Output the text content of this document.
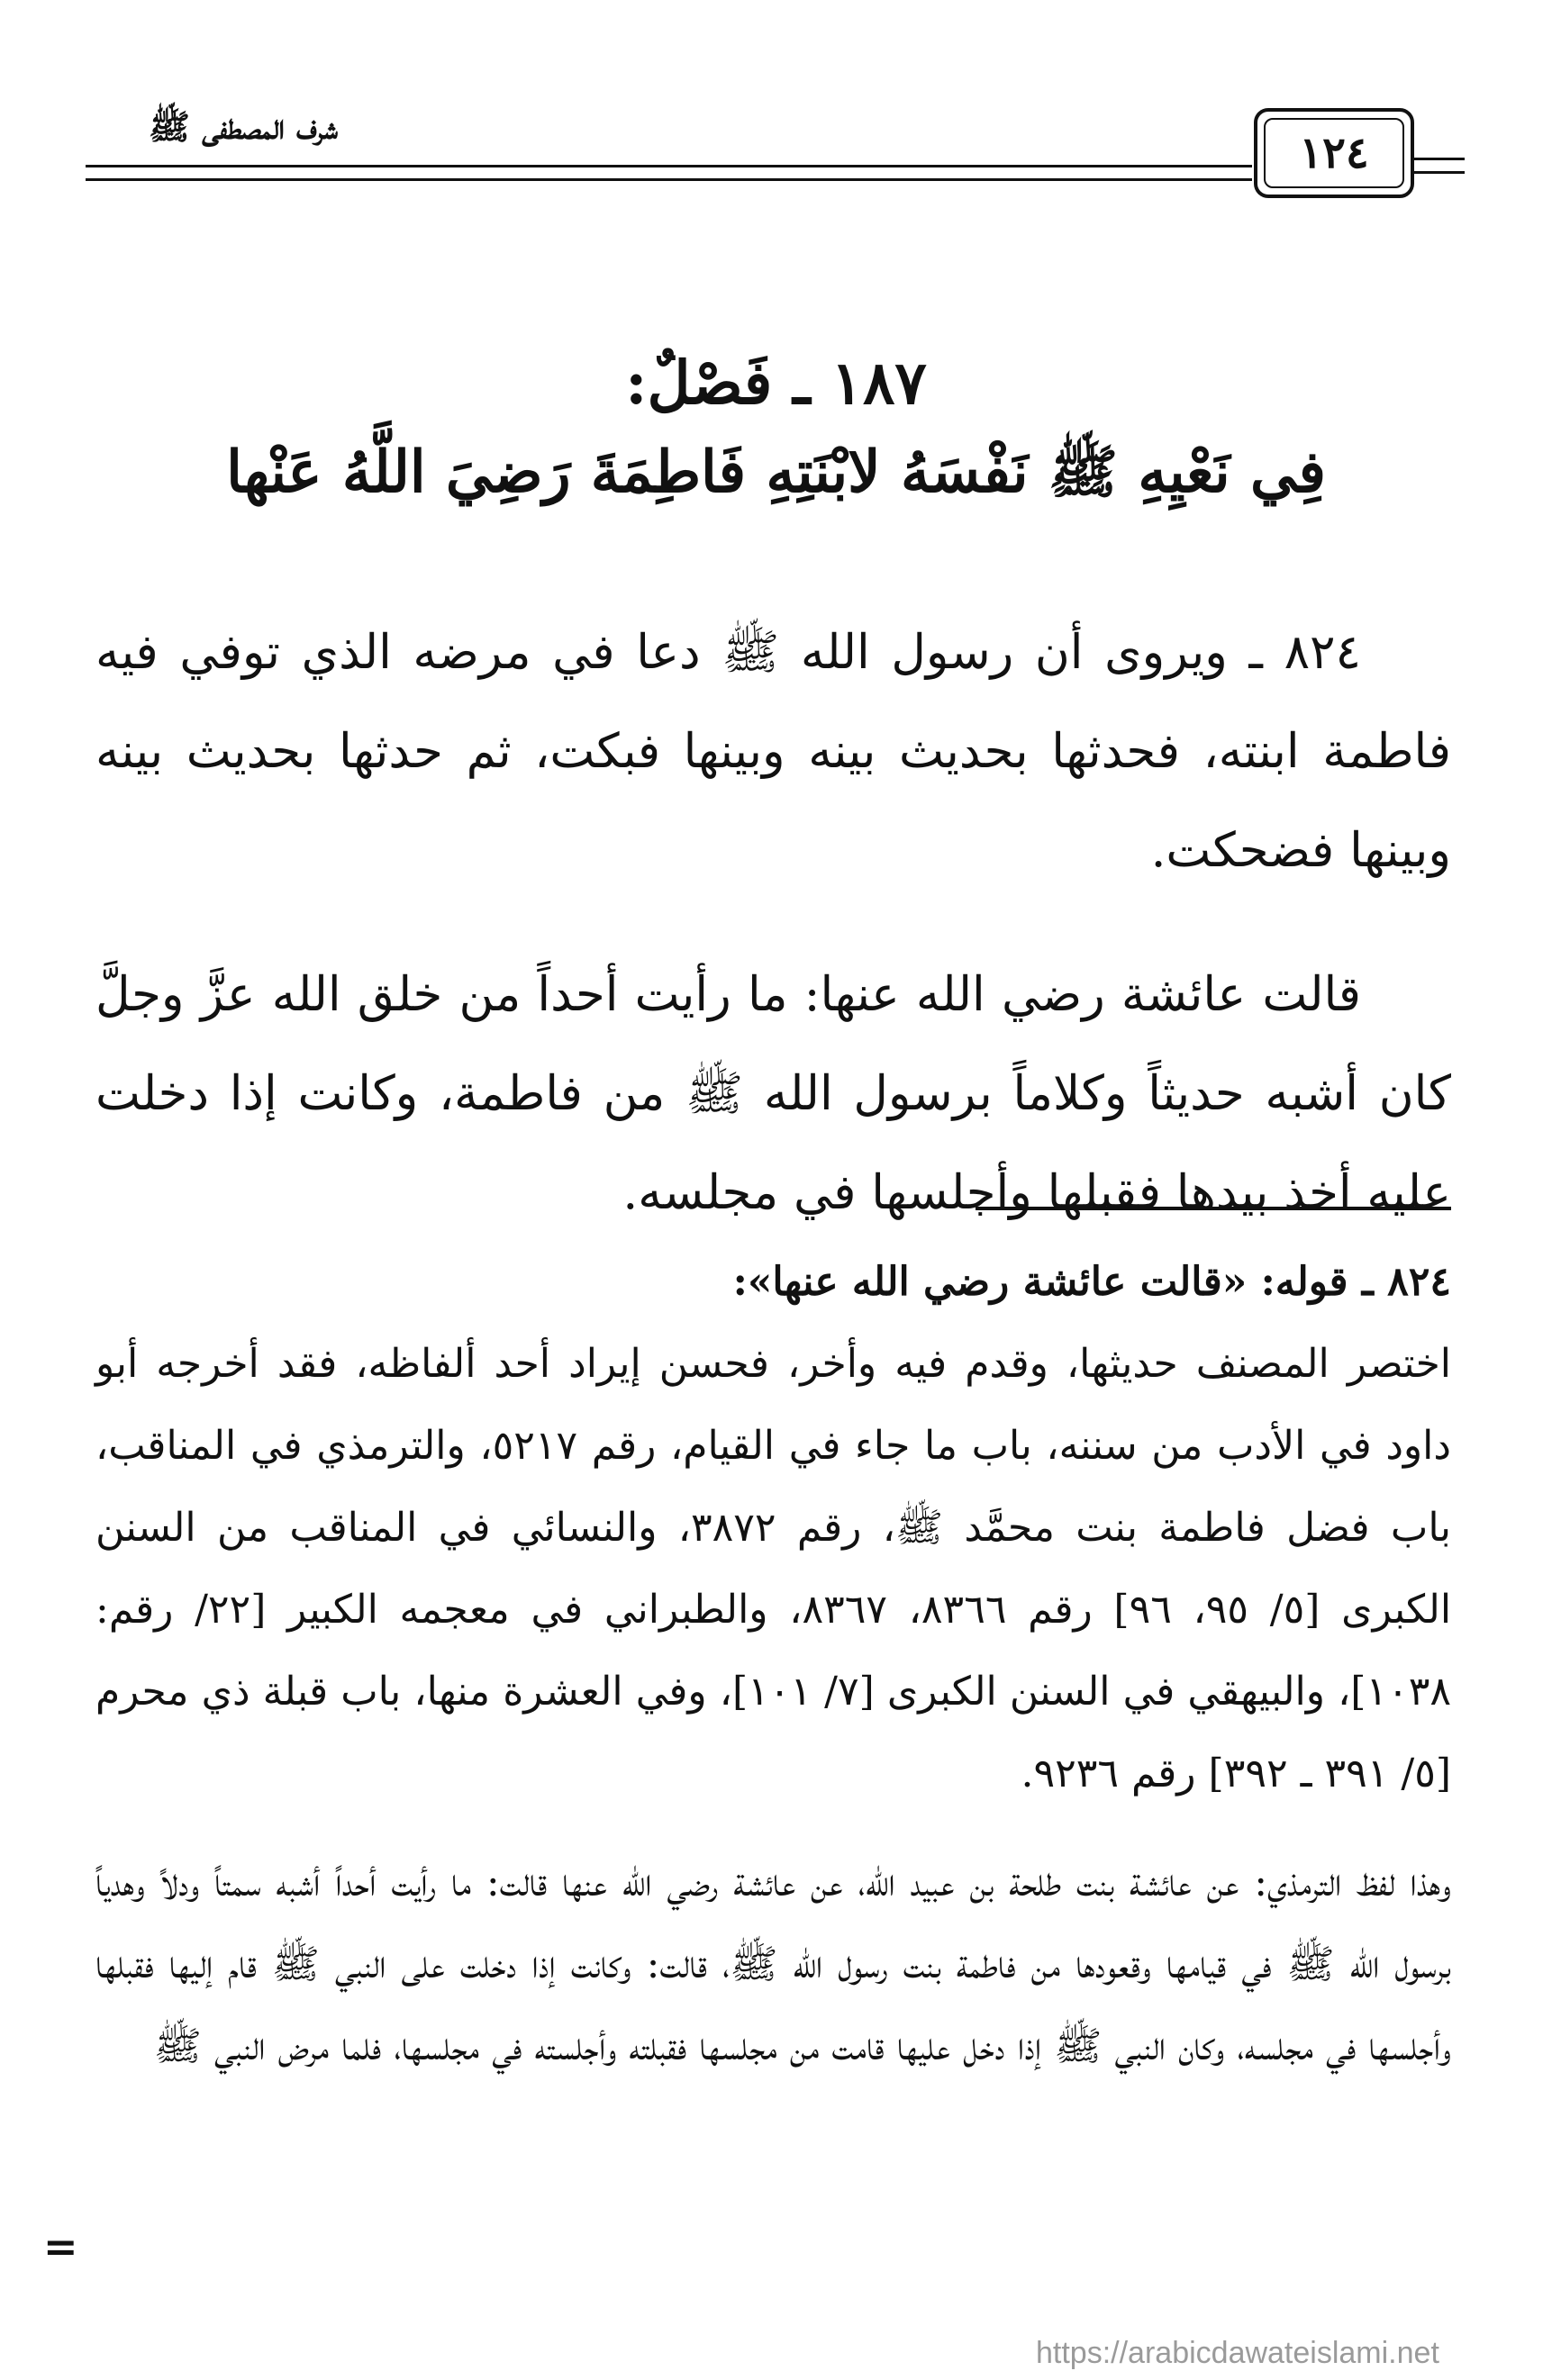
شرف المصطفى ﷺ
١٢٤
١٨٧ ـ فَصْلٌ:
فِي نَعْيِهِ ﷺ نَفْسَهُ لابْنَتِهِ فَاطِمَةَ رَضِيَ اللَّهُ عَنْها

٨٢٤ ـ ويروى أن رسول الله ﷺ دعا في مرضه الذي توفي فيه فاطمة ابنته، فحدثها بحديث بينه وبينها فبكت، ثم حدثها بحديث بينه وبينها فضحكت.

قالت عائشة رضي الله عنها: ما رأيت أحداً من خلق الله عزَّ وجلَّ كان أشبه حديثاً وكلاماً برسول الله ﷺ من فاطمة، وكانت إذا دخلت عليه أخذ بيدها فقبلها وأجلسها في مجلسه.

٨٢٤ ـ قوله: «قالت عائشة رضي الله عنها»:

اختصر المصنف حديثها، وقدم فيه وأخر، فحسن إيراد أحد ألفاظه، فقد أخرجه أبو داود في الأدب من سننه، باب ما جاء في القيام، رقم ٥٢١٧، والترمذي في المناقب، باب فضل فاطمة بنت محمَّد ﷺ، رقم ٣٨٧٢، والنسائي في المناقب من السنن الكبرى [٥/ ٩٥، ٩٦] رقم ٨٣٦٦، ٨٣٦٧، والطبراني في معجمه الكبير [٢٢/ رقم: ١٠٣٨]، والبيهقي في السنن الكبرى [٧/ ١٠١]، وفي العشرة منها، باب قبلة ذي محرم [٥/ ٣٩١ ـ ٣٩٢] رقم ٩٢٣٦.

وهذا لفظ الترمذي: عن عائشة بنت طلحة بن عبيد الله، عن عائشة رضي الله عنها قالت: ما رأيت أحداً أشبه سمتاً ودلاً وهدياً برسول الله ﷺ في قيامها وقعودها من فاطمة بنت رسول الله ﷺ، قالت: وكانت إذا دخلت على النبي ﷺ قام إليها فقبلها وأجلسها في مجلسه، وكان النبي ﷺ إذا دخل عليها قامت من مجلسها فقبلته وأجلسته في مجلسها، فلما مرض النبي ﷺ

=
https://arabicdawateislami.net
